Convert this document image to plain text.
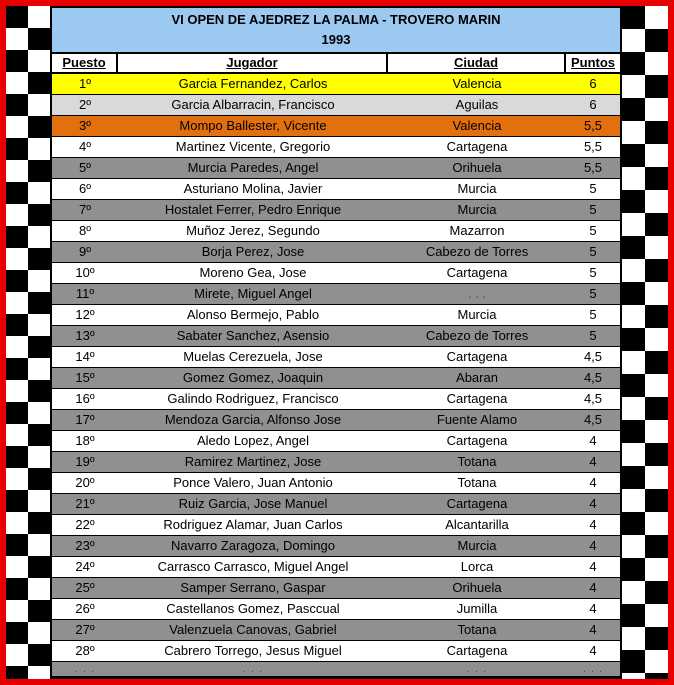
VI OPEN DE AJEDREZ LA PALMA - TROVERO MARIN
1993
Puesto	Jugador	Ciudad	Puntos
1º	Garcia Fernandez, Carlos	Valencia	6
2º	Garcia Albarracin, Francisco	Aguilas	6
3º	Mompo Ballester, Vicente	Valencia	5,5
4º	Martinez Vicente, Gregorio	Cartagena	5,5
5º	Murcia Paredes, Angel	Orihuela	5,5
6º	Asturiano Molina, Javier	Murcia	5
7º	Hostalet Ferrer, Pedro Enrique	Murcia	5
8º	Muñoz Jerez, Segundo	Mazarron	5
9º	Borja Perez, Jose	Cabezo de Torres	5
10º	Moreno Gea, Jose	Cartagena	5
11º	Mirete, Miguel Angel	. . .	5
12º	Alonso Bermejo, Pablo	Murcia	5
13º	Sabater Sanchez, Asensio	Cabezo de Torres	5
14º	Muelas Cerezuela, Jose	Cartagena	4,5
15º	Gomez Gomez, Joaquin	Abaran	4,5
16º	Galindo Rodriguez, Francisco	Cartagena	4,5
17º	Mendoza Garcia, Alfonso Jose	Fuente Alamo	4,5
18º	Aledo Lopez, Angel	Cartagena	4
19º	Ramirez Martinez, Jose	Totana	4
20º	Ponce Valero, Juan Antonio	Totana	4
21º	Ruiz Garcia, Jose Manuel	Cartagena	4
22º	Rodriguez Alamar, Juan Carlos	Alcantarilla	4
23º	Navarro Zaragoza, Domingo	Murcia	4
24º	Carrasco Carrasco, Miguel Angel	Lorca	4
25º	Samper Serrano, Gaspar	Orihuela	4
26º	Castellanos Gomez, Pasccual	Jumilla	4
27º	Valenzuela Canovas, Gabriel	Totana	4
28º	Cabrero Torrego, Jesus Miguel	Cartagena	4
. . .	. . .	. . .	. . .
